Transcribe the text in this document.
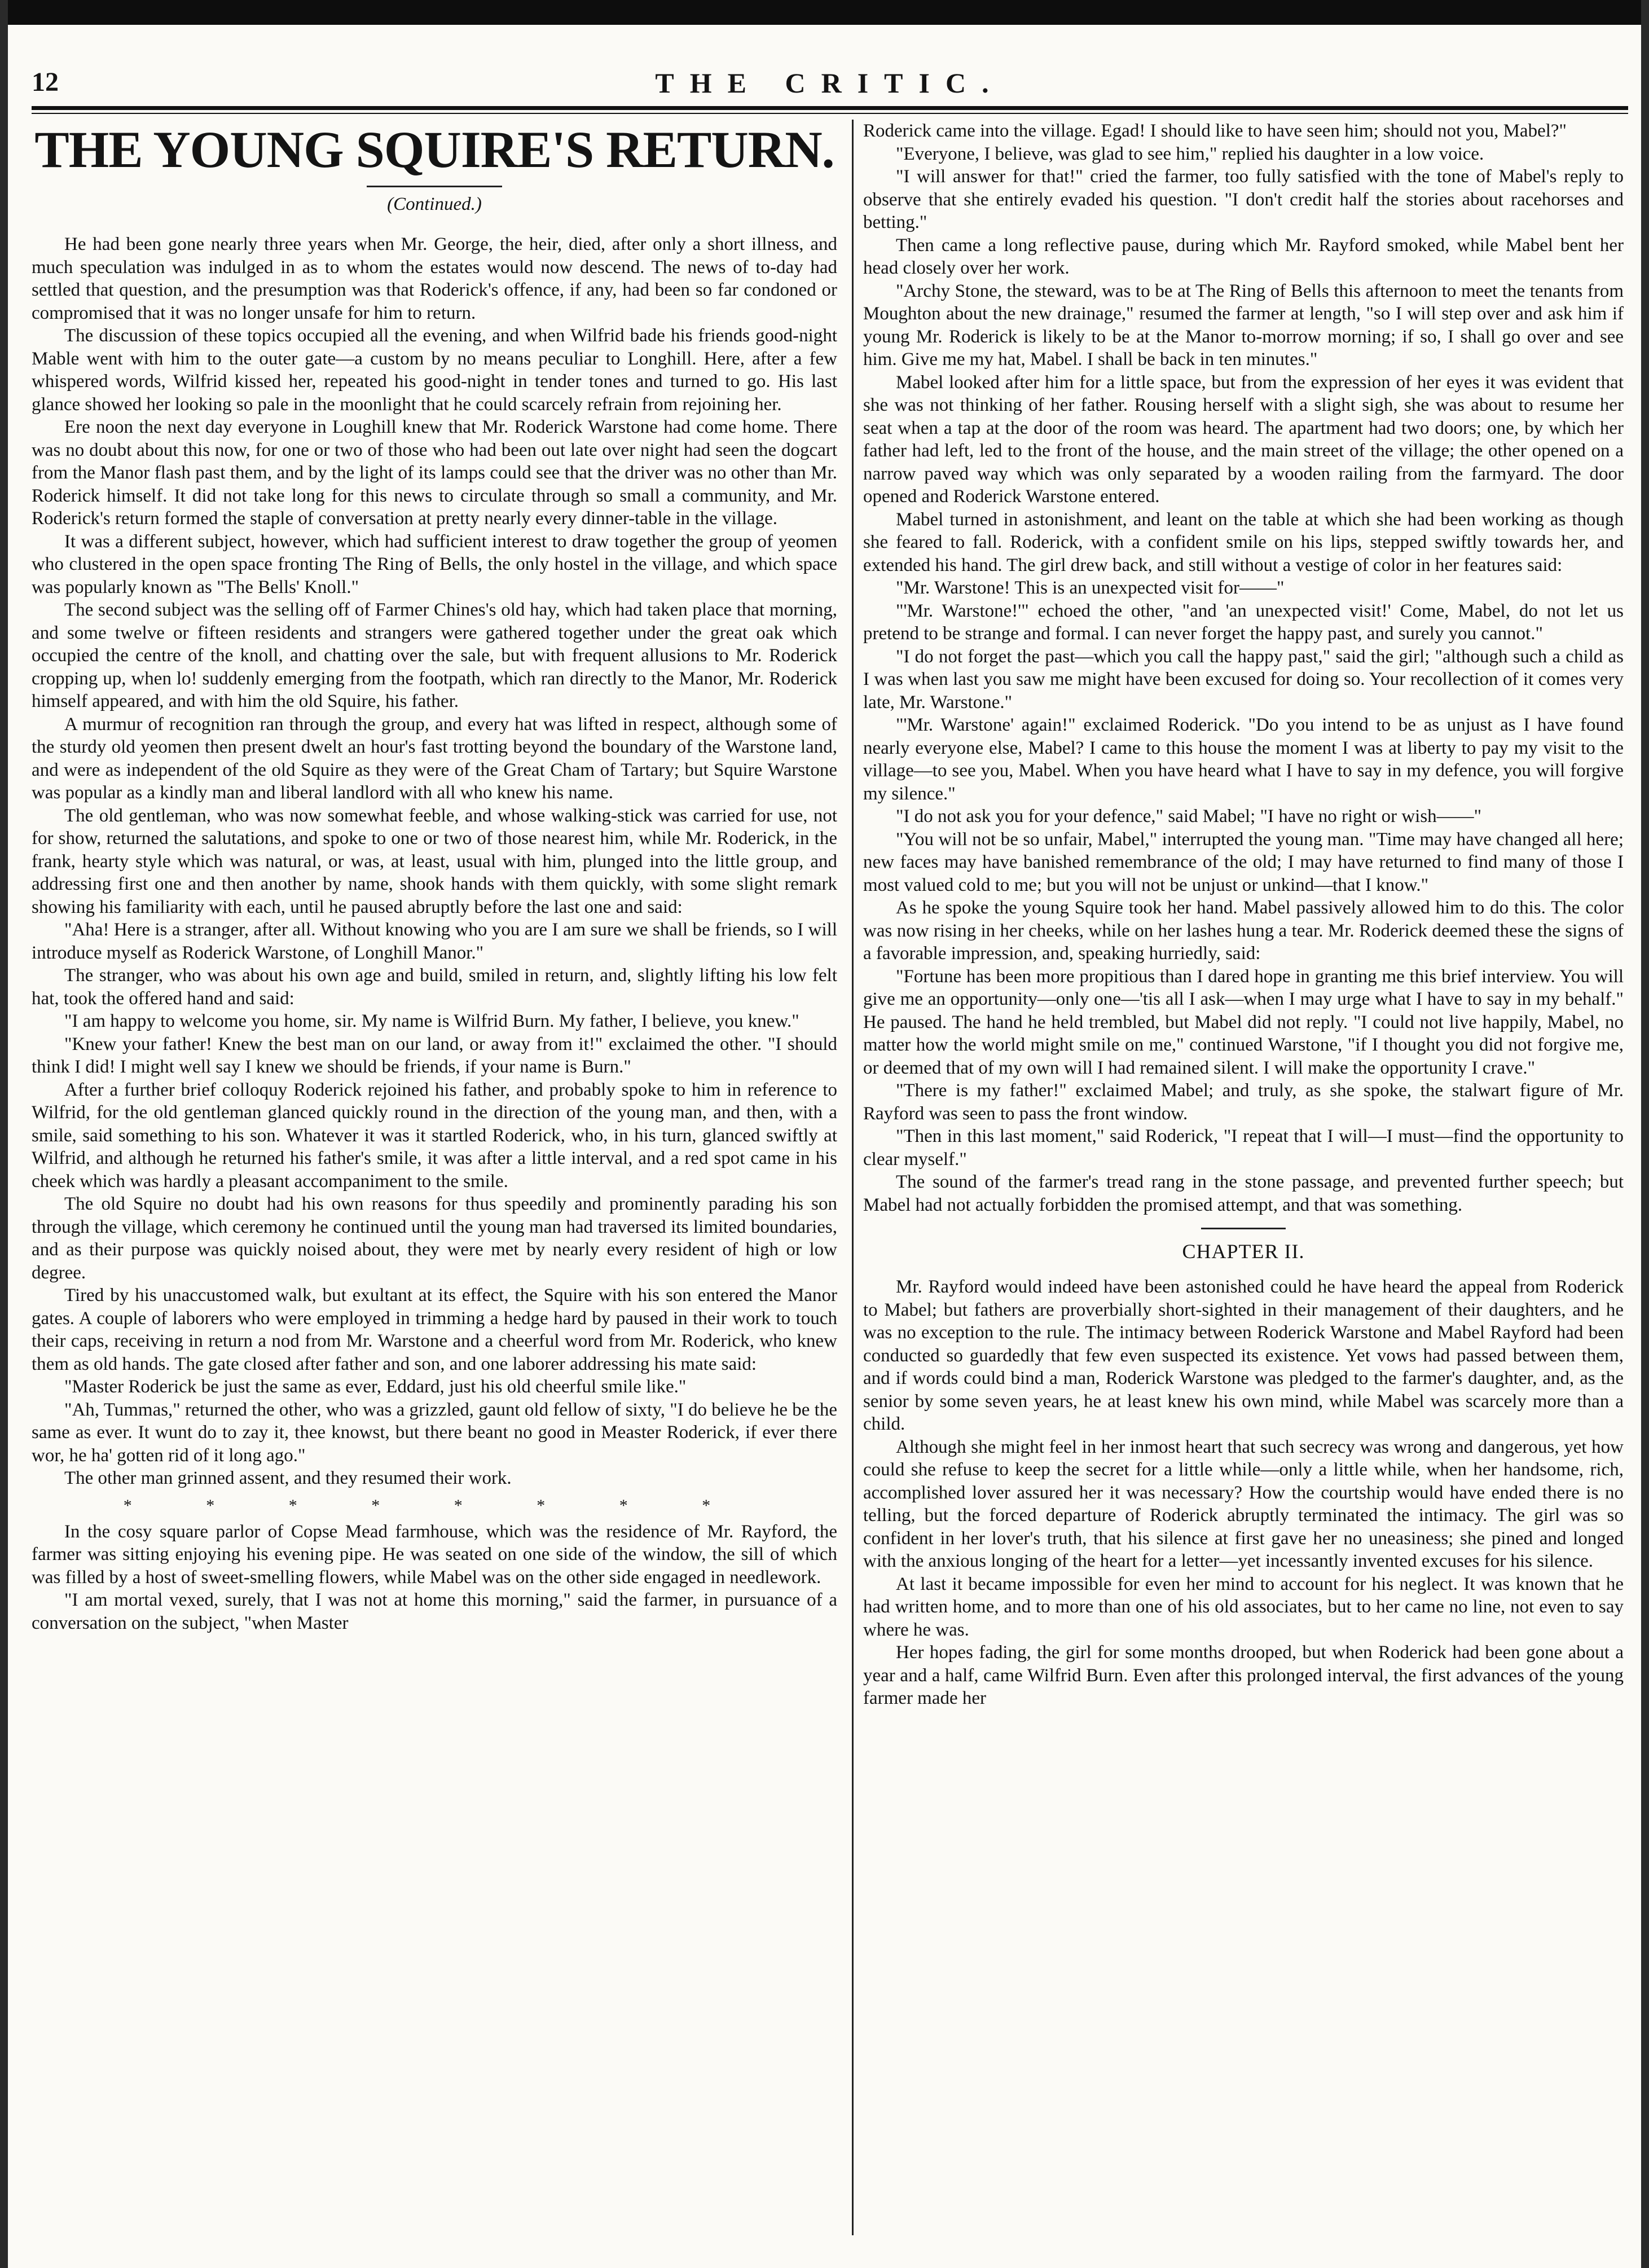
12	THE CRITIC.
THE YOUNG SQUIRE'S RETURN.
(Continued.)

He had been gone nearly three years when Mr. George, the heir, died, after only a short illness, and much speculation was indulged in as to whom the estates would now descend. The news of to-day had settled that question, and the presumption was that Roderick's offence, if any, had been so far condoned or compromised that it was no longer unsafe for him to return.

The discussion of these topics occupied all the evening, and when Wilfrid bade his friends good-night Mable went with him to the outer gate—a custom by no means peculiar to Longhill. Here, after a few whispered words, Wilfrid kissed her, repeated his good-night in tender tones and turned to go. His last glance showed her looking so pale in the moonlight that he could scarcely refrain from rejoining her.

Ere noon the next day everyone in Loughill knew that Mr. Roderick Warstone had come home. There was no doubt about this now, for one or two of those who had been out late over night had seen the dogcart from the Manor flash past them, and by the light of its lamps could see that the driver was no other than Mr. Roderick himself. It did not take long for this news to circulate through so small a community, and Mr. Roderick's return formed the staple of conversation at pretty nearly every dinner-table in the village.

It was a different subject, however, which had sufficient interest to draw together the group of yeomen who clustered in the open space fronting The Ring of Bells, the only hostel in the village, and which space was popularly known as "The Bells' Knoll."

The second subject was the selling off of Farmer Chines's old hay, which had taken place that morning, and some twelve or fifteen residents and strangers were gathered together under the great oak which occupied the centre of the knoll, and chatting over the sale, but with frequent allusions to Mr. Roderick cropping up, when lo! suddenly emerging from the footpath, which ran directly to the Manor, Mr. Roderick himself appeared, and with him the old Squire, his father.

A murmur of recognition ran through the group, and every hat was lifted in respect, although some of the sturdy old yeomen then present dwelt an hour's fast trotting beyond the boundary of the Warstone land, and were as independent of the old Squire as they were of the Great Cham of Tartary; but Squire Warstone was popular as a kindly man and liberal landlord with all who knew his name.

The old gentleman, who was now somewhat feeble, and whose walking-stick was carried for use, not for show, returned the salutations, and spoke to one or two of those nearest him, while Mr. Roderick, in the frank, hearty style which was natural, or was, at least, usual with him, plunged into the little group, and addressing first one and then another by name, shook hands with them quickly, with some slight remark showing his familiarity with each, until he paused abruptly before the last one and said:

"Aha! Here is a stranger, after all. Without knowing who you are I am sure we shall be friends, so I will introduce myself as Roderick Warstone, of Longhill Manor."

The stranger, who was about his own age and build, smiled in return, and, slightly lifting his low felt hat, took the offered hand and said:

"I am happy to welcome you home, sir. My name is Wilfrid Burn. My father, I believe, you knew."

"Knew your father! Knew the best man on our land, or away from it!" exclaimed the other. "I should think I did! I might well say I knew we should be friends, if your name is Burn."

After a further brief colloquy Roderick rejoined his father, and probably spoke to him in reference to Wilfrid, for the old gentleman glanced quickly round in the direction of the young man, and then, with a smile, said something to his son. Whatever it was it startled Roderick, who, in his turn, glanced swiftly at Wilfrid, and although he returned his father's smile, it was after a little interval, and a red spot came in his cheek which was hardly a pleasant accompaniment to the smile.

The old Squire no doubt had his own reasons for thus speedily and prominently parading his son through the village, which ceremony he continued until the young man had traversed its limited boundaries, and as their purpose was quickly noised about, they were met by nearly every resident of high or low degree.

Tired by his unaccustomed walk, but exultant at its effect, the Squire with his son entered the Manor gates. A couple of laborers who were employed in trimming a hedge hard by paused in their work to touch their caps, receiving in return a nod from Mr. Warstone and a cheerful word from Mr. Roderick, who knew them as old hands. The gate closed after father and son, and one laborer addressing his mate said:

"Master Roderick be just the same as ever, Eddard, just his old cheerful smile like."

"Ah, Tummas," returned the other, who was a grizzled, gaunt old fellow of sixty, "I do believe he be the same as ever. It wunt do to zay it, thee knowst, but there beant no good in Measter Roderick, if ever there wor, he ha' gotten rid of it long ago."

The other man grinned assent, and they resumed their work.

* * * * * * * *

In the cosy square parlor of Copse Mead farmhouse, which was the residence of Mr. Rayford, the farmer was sitting enjoying his evening pipe. He was seated on one side of the window, the sill of which was filled by a host of sweet-smelling flowers, while Mabel was on the other side engaged in needlework.

"I am mortal vexed, surely, that I was not at home this morning," said the farmer, in pursuance of a conversation on the subject, "when Master

Roderick came into the village. Egad! I should like to have seen him; should not you, Mabel?"

"Everyone, I believe, was glad to see him," replied his daughter in a low voice.

"I will answer for that!" cried the farmer, too fully satisfied with the tone of Mabel's reply to observe that she entirely evaded his question. "I don't credit half the stories about racehorses and betting."

Then came a long reflective pause, during which Mr. Rayford smoked, while Mabel bent her head closely over her work.

"Archy Stone, the steward, was to be at The Ring of Bells this afternoon to meet the tenants from Moughton about the new drainage," resumed the farmer at length, "so I will step over and ask him if young Mr. Roderick is likely to be at the Manor to-morrow morning; if so, I shall go over and see him. Give me my hat, Mabel. I shall be back in ten minutes."

Mabel looked after him for a little space, but from the expression of her eyes it was evident that she was not thinking of her father. Rousing herself with a slight sigh, she was about to resume her seat when a tap at the door of the room was heard. The apartment had two doors; one, by which her father had left, led to the front of the house, and the main street of the village; the other opened on a narrow paved way which was only separated by a wooden railing from the farmyard. The door opened and Roderick Warstone entered.

Mabel turned in astonishment, and leant on the table at which she had been working as though she feared to fall. Roderick, with a confident smile on his lips, stepped swiftly towards her, and extended his hand. The girl drew back, and still without a vestige of color in her features said:

"Mr. Warstone! This is an unexpected visit for——"

"'Mr. Warstone!'" echoed the other, "and 'an unexpected visit!' Come, Mabel, do not let us pretend to be strange and formal. I can never forget the happy past, and surely you cannot."

"I do not forget the past—which you call the happy past," said the girl; "although such a child as I was when last you saw me might have been excused for doing so. Your recollection of it comes very late, Mr. Warstone."

"'Mr. Warstone' again!" exclaimed Roderick. "Do you intend to be as unjust as I have found nearly everyone else, Mabel? I came to this house the moment I was at liberty to pay my visit to the village—to see you, Mabel. When you have heard what I have to say in my defence, you will forgive my silence."

"I do not ask you for your defence," said Mabel; "I have no right or wish——"

"You will not be so unfair, Mabel," interrupted the young man. "Time may have changed all here; new faces may have banished remembrance of the old; I may have returned to find many of those I most valued cold to me; but you will not be unjust or unkind—that I know."

As he spoke the young Squire took her hand. Mabel passively allowed him to do this. The color was now rising in her cheeks, while on her lashes hung a tear. Mr. Roderick deemed these the signs of a favorable impression, and, speaking hurriedly, said:

"Fortune has been more propitious than I dared hope in granting me this brief interview. You will give me an opportunity—only one—'tis all I ask—when I may urge what I have to say in my behalf." He paused. The hand he held trembled, but Mabel did not reply. "I could not live happily, Mabel, no matter how the world might smile on me," continued Warstone, "if I thought you did not forgive me, or deemed that of my own will I had remained silent. I will make the opportunity I crave."

"There is my father!" exclaimed Mabel; and truly, as she spoke, the stalwart figure of Mr. Rayford was seen to pass the front window.

"Then in this last moment," said Roderick, "I repeat that I will—I must—find the opportunity to clear myself."

The sound of the farmer's tread rang in the stone passage, and prevented further speech; but Mabel had not actually forbidden the promised attempt, and that was something.

CHAPTER II.

Mr. Rayford would indeed have been astonished could he have heard the appeal from Roderick to Mabel; but fathers are proverbially short-sighted in their management of their daughters, and he was no exception to the rule. The intimacy between Roderick Warstone and Mabel Rayford had been conducted so guardedly that few even suspected its existence. Yet vows had passed between them, and if words could bind a man, Roderick Warstone was pledged to the farmer's daughter, and, as the senior by some seven years, he at least knew his own mind, while Mabel was scarcely more than a child.

Although she might feel in her inmost heart that such secrecy was wrong and dangerous, yet how could she refuse to keep the secret for a little while—only a little while, when her handsome, rich, accomplished lover assured her it was necessary? How the courtship would have ended there is no telling, but the forced departure of Roderick abruptly terminated the intimacy. The girl was so confident in her lover's truth, that his silence at first gave her no uneasiness; she pined and longed with the anxious longing of the heart for a letter—yet incessantly invented excuses for his silence.

At last it became impossible for even her mind to account for his neglect. It was known that he had written home, and to more than one of his old associates, but to her came no line, not even to say where he was.

Her hopes fading, the girl for some months drooped, but when Roderick had been gone about a year and a half, came Wilfrid Burn. Even after this prolonged interval, the first advances of the young farmer made her
